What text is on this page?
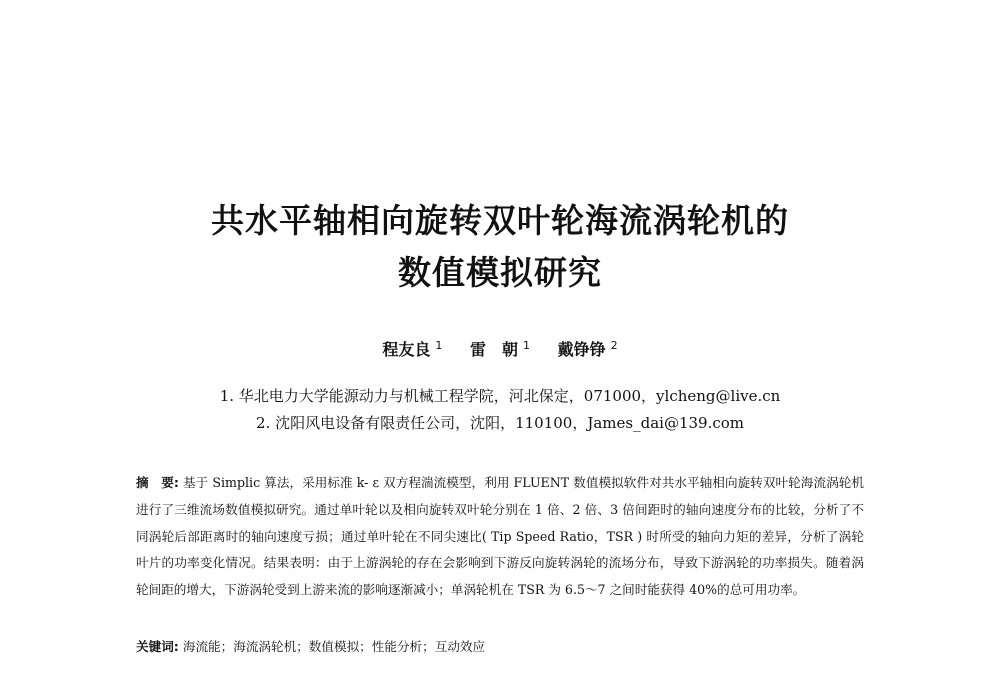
共水平轴相向旋转双叶轮海流涡轮机的
数值模拟研究
程友良 $^1$ 雷　朝 $^1$ 戴铮铮 $^2$
1. 华北电力大学能源动力与机械工程学院，河北保定，071000，ylcheng@live.cn
2. 沈阳风电设备有限责任公司，沈阳，110100，James_dai@139.com

摘　要: 基于 Simplic 算法，采用标准 k- ε 双方程湍流模型，利用 FLUENT 数值模拟软件对共水平轴相向旋转双叶轮海流涡轮机进行了三维流场数值模拟研究。通过单叶轮以及相向旋转双叶轮分别在 1 倍、2 倍、3 倍间距时的轴向速度分布的比较，分析了不同涡轮后部距离时的轴向速度亏损；通过单叶轮在不同尖速比( Tip Speed Ratio，TSR ) 时所受的轴向力矩的差异，分析了涡轮叶片的功率变化情况。结果表明：由于上游涡轮的存在会影响到下游反向旋转涡轮的流场分布，导致下游涡轮的功率损失。随着涡轮间距的增大，下游涡轮受到上游来流的影响逐渐减小；单涡轮机在 TSR 为 6.5～7 之间时能获得 40%的总可用功率。

关键词: 海流能；海流涡轮机；数值模拟；性能分析；互动效应
